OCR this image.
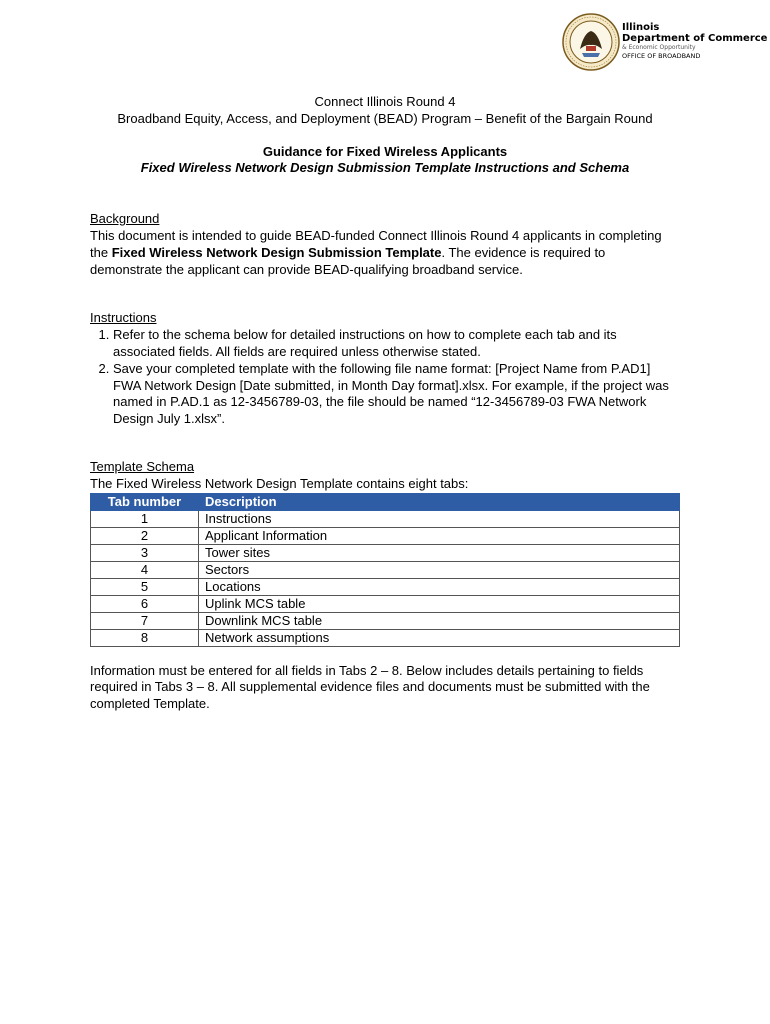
Illinois
Department of Commerce
& Economic Opportunity
OFFICE OF BROADBAND
Connect Illinois Round 4
Broadband Equity, Access, and Deployment (BEAD) Program – Benefit of the Bargain Round
Guidance for Fixed Wireless Applicants
Fixed Wireless Network Design Submission Template Instructions and Schema
Background

This document is intended to guide BEAD-funded Connect Illinois Round 4 applicants in completing the Fixed Wireless Network Design Submission Template. The evidence is required to demonstrate the applicant can provide BEAD-qualifying broadband service.

Instructions
1. Refer to the schema below for detailed instructions on how to complete each tab and its associated fields. All fields are required unless otherwise stated.
2. Save your completed template with the following file name format: [Project Name from P.AD1] FWA Network Design [Date submitted, in Month Day format].xlsx. For example, if the project was named in P.AD.1 as 12-3456789-03, the file should be named “12-3456789-03 FWA Network Design July 1.xlsx”.
Template Schema

The Fixed Wireless Network Design Template contains eight tabs:

Tab number	Description
1	Instructions
2	Applicant Information
3	Tower sites
4	Sectors
5	Locations
6	Uplink MCS table
7	Downlink MCS table
8	Network assumptions

Information must be entered for all fields in Tabs 2 – 8. Below includes details pertaining to fields required in Tabs 3 – 8. All supplemental evidence files and documents must be submitted with the completed Template.
